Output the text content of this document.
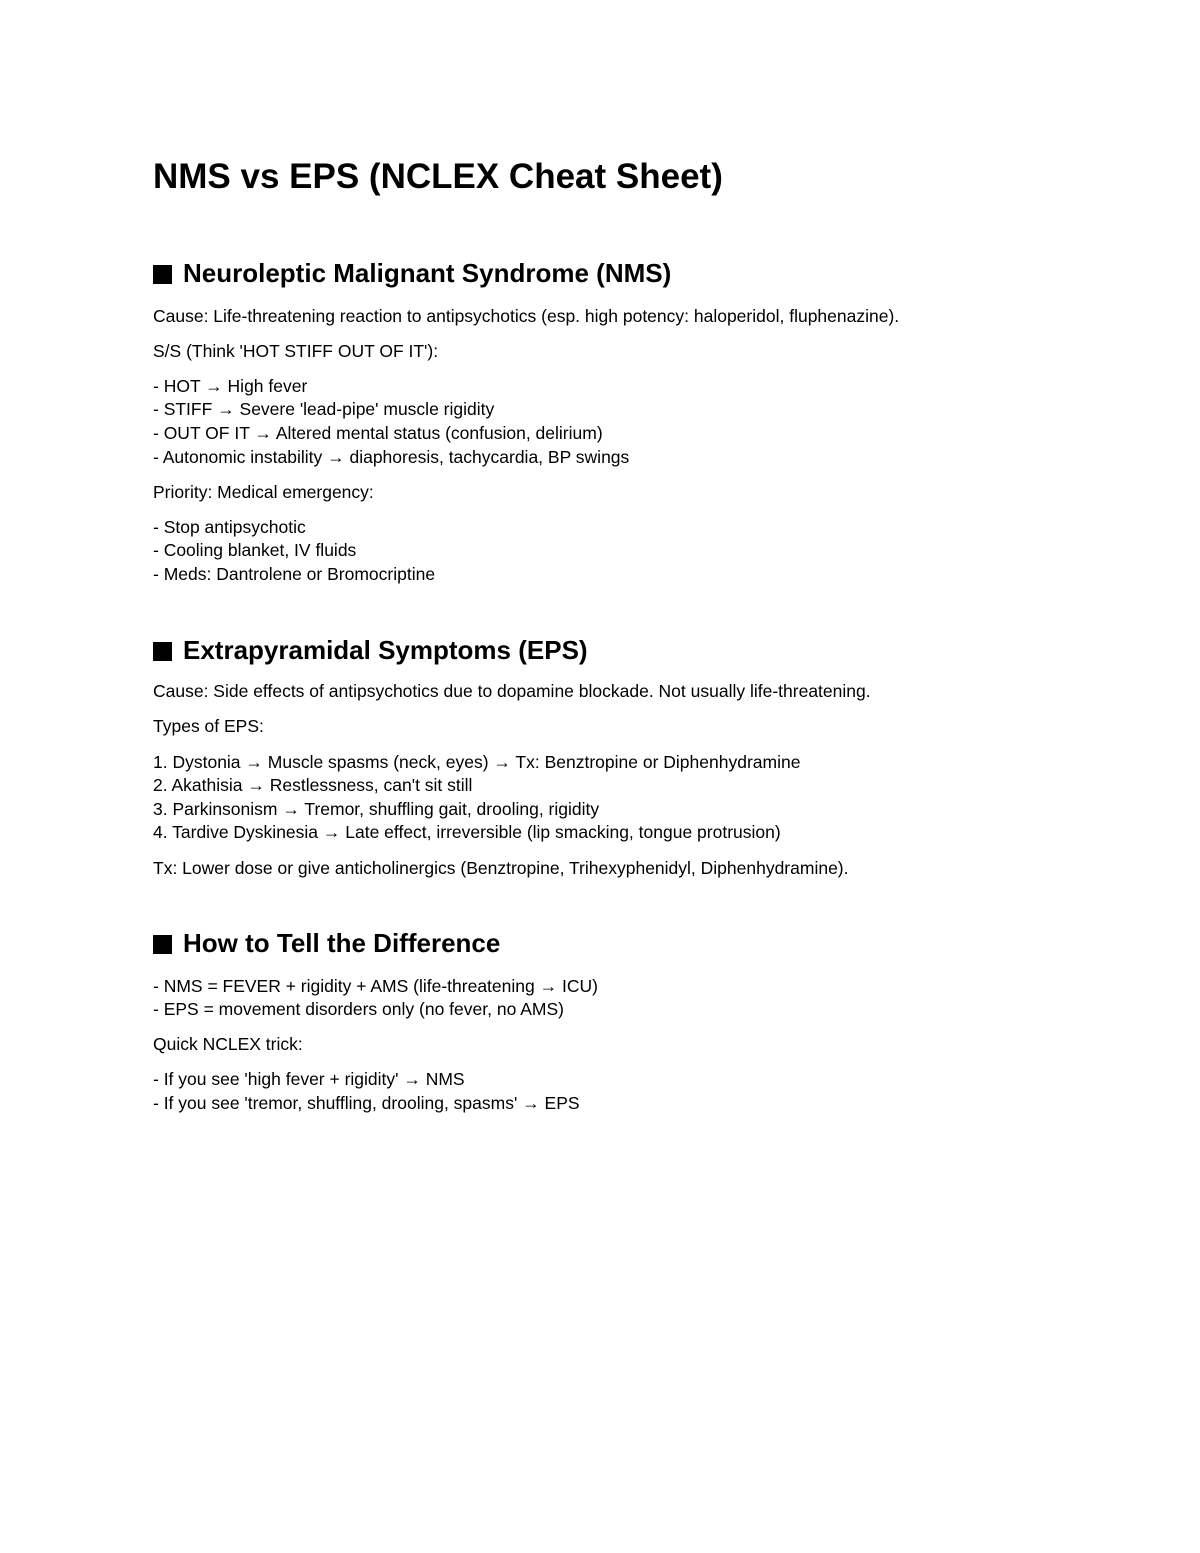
NMS vs EPS (NCLEX Cheat Sheet)
Neuroleptic Malignant Syndrome (NMS)

Cause: Life-threatening reaction to antipsychotics (esp. high potency: haloperidol, fluphenazine).

S/S (Think 'HOT STIFF OUT OF IT'):

- HOT → High fever

- STIFF → Severe 'lead-pipe' muscle rigidity

- OUT OF IT → Altered mental status (confusion, delirium)

- Autonomic instability → diaphoresis, tachycardia, BP swings

Priority: Medical emergency:

- Stop antipsychotic

- Cooling blanket, IV fluids

- Meds: Dantrolene or Bromocriptine

Extrapyramidal Symptoms (EPS)

Cause: Side effects of antipsychotics due to dopamine blockade. Not usually life-threatening.

Types of EPS:

1. Dystonia → Muscle spasms (neck, eyes) → Tx: Benztropine or Diphenhydramine

2. Akathisia → Restlessness, can't sit still

3. Parkinsonism → Tremor, shuffling gait, drooling, rigidity

4. Tardive Dyskinesia → Late effect, irreversible (lip smacking, tongue protrusion)

Tx: Lower dose or give anticholinergics (Benztropine, Trihexyphenidyl, Diphenhydramine).

How to Tell the Difference

- NMS = FEVER + rigidity + AMS (life-threatening → ICU)

- EPS = movement disorders only (no fever, no AMS)

Quick NCLEX trick:

- If you see 'high fever + rigidity' → NMS

- If you see 'tremor, shuffling, drooling, spasms' → EPS
